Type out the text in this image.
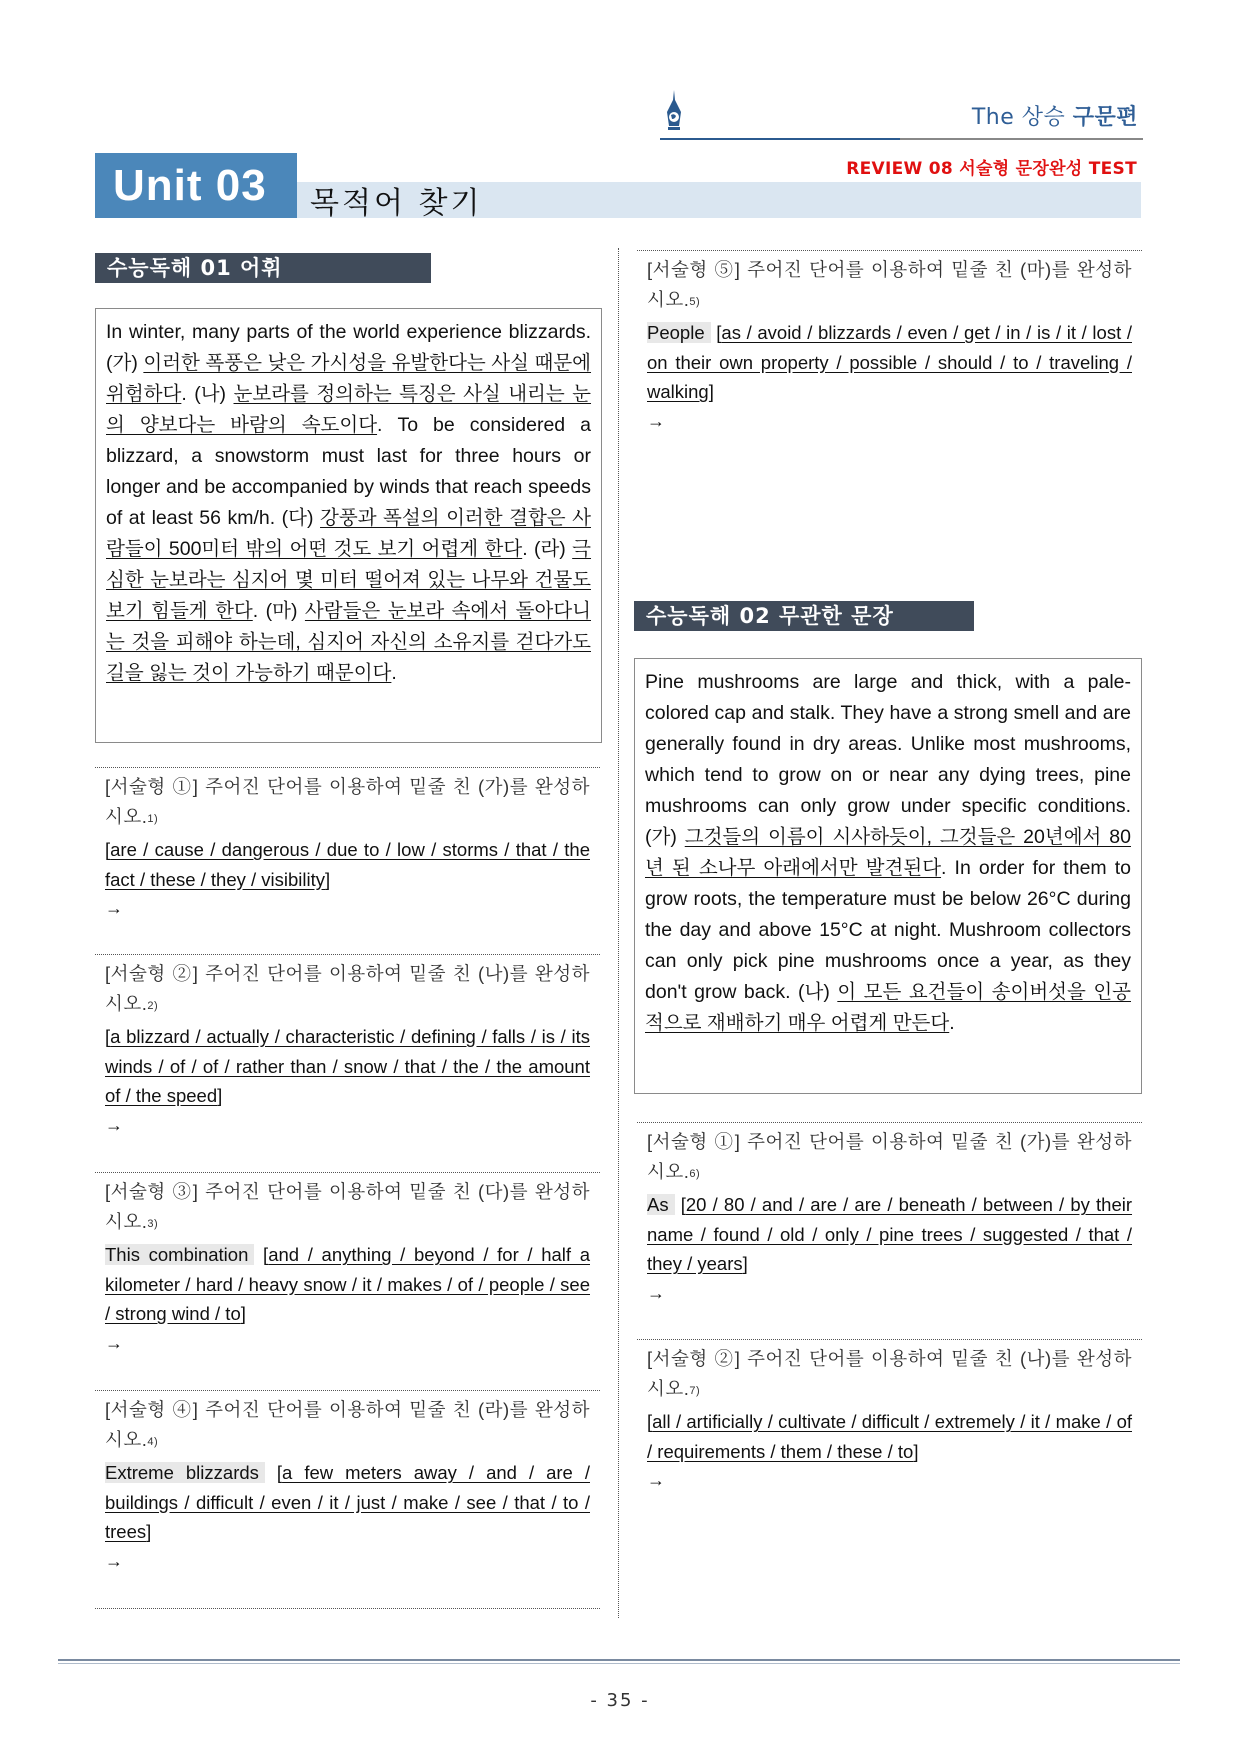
The 상승 구문편
REVIEW 08 서술형 문장완성 TEST
Unit 03	목적어 찾기
수능독해 01 어휘
In winter, many parts of the world experience blizzards. (가) 이러한 폭풍은 낮은 가시성을 유발한다는 사실 때문에 위험하다. (나) 눈보라를 정의하는 특징은 사실 내리는 눈의 양보다는 바람의 속도이다. To be considered a blizzard, a snowstorm must last for three hours or longer and be accompanied by winds that reach speeds of at least 56 km/h. (다) 강풍과 폭설의 이러한 결합은 사람들이 500미터 밖의 어떤 것도 보기 어렵게 한다. (라) 극심한 눈보라는 심지어 몇 미터 떨어져 있는 나무와 건물도 보기 힘들게 한다. (마) 사람들은 눈보라 속에서 돌아다니는 것을 피해야 하는데, 심지어 자신의 소유지를 걷다가도 길을 잃는 것이 가능하기 때문이다.
[서술형 ①] 주어진 단어를 이용하여 밑줄 친 (가)를 완성하시오.$^{1)}$
[are / cause / dangerous / due to / low / storms / that / the fact / these / they / visibility]
→
[서술형 ②] 주어진 단어를 이용하여 밑줄 친 (나)를 완성하시오.$^{2)}$
[a blizzard / actually / characteristic / defining / falls / is / its winds / of / of / rather than / snow / that / the / the amount of / the speed]
→
[서술형 ③] 주어진 단어를 이용하여 밑줄 친 (다)를 완성하시오.$^{3)}$
This combination [and / anything / beyond / for / half a kilometer / hard / heavy snow / it / makes / of / people / see / strong wind / to]
→
[서술형 ④] 주어진 단어를 이용하여 밑줄 친 (라)를 완성하시오.$^{4)}$
Extreme blizzards [a few meters away / and / are / buildings / difficult / even / it / just / make / see / that / to / trees]
→
[서술형 ⑤] 주어진 단어를 이용하여 밑줄 친 (마)를 완성하시오.$^{5)}$
People [as / avoid / blizzards / even / get / in / is / it / lost / on their own property / possible / should / to / traveling / walking]
→
수능독해 02 무관한 문장
Pine mushrooms are large and thick, with a pale-colored cap and stalk. They have a strong smell and are generally found in dry areas. Unlike most mushrooms, which tend to grow on or near any dying trees, pine mushrooms can only grow under specific conditions. (가) 그것들의 이름이 시사하듯이, 그것들은 20년에서 80년 된 소나무 아래에서만 발견된다. In order for them to grow roots, the temperature must be below 26°C during the day and above 15°C at night. Mushroom collectors can only pick pine mushrooms once a year, as they don't grow back. (나) 이 모든 요건들이 송이버섯을 인공적으로 재배하기 매우 어렵게 만든다.
[서술형 ①] 주어진 단어를 이용하여 밑줄 친 (가)를 완성하시오.$^{6)}$
As [20 / 80 / and / are / are / beneath / between / by their name / found / old / only / pine trees / suggested / that / they / years]
→
[서술형 ②] 주어진 단어를 이용하여 밑줄 친 (나)를 완성하시오.$^{7)}$
[all / artificially / cultivate / difficult / extremely / it / make / of / requirements / them / these / to]
→
- 35 -
